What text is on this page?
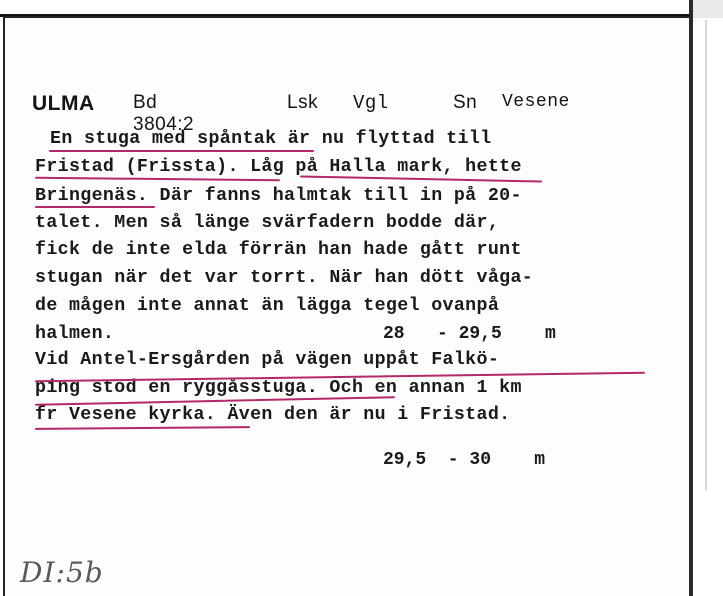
ULMA Bd 3804:2
Lsk Vgl	Sn Vesene
En stuga med spåntak är nu flyttad till
Fristad (Frissta). Låg på Halla mark, hette
Bringenäs. Där fanns halmtak till in på 20-
talet. Men så länge svärfadern bodde där,
fick de inte elda förrän han hade gått runt
stugan när det var torrt. När han dött våga-
de mågen inte annat än lägga tegel ovanpå
halmen.	28   - 29,5    m
Vid Antel-Ersgården på vägen uppåt Falkö-
ping stod en ryggåsstuga. Och en annan 1 km
fr Vesene kyrka. Även den är nu i Fristad.
29,5  - 30    m
DI:5b
